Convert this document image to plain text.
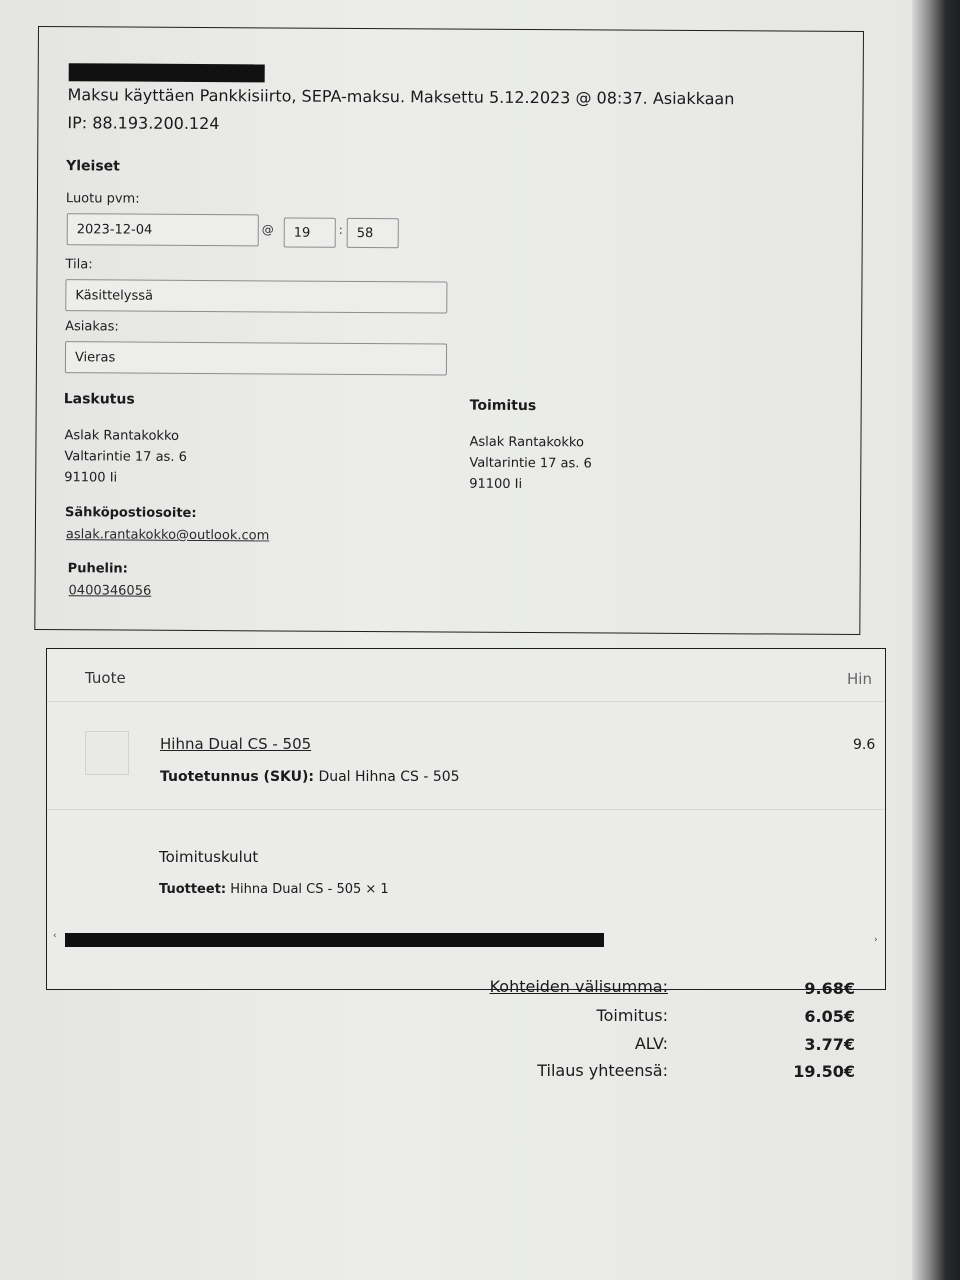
Maksu käyttäen Pankkisiirto, SEPA-maksu. Maksettu 5.12.2023 @ 08:37. Asiakkaan
IP: 88.193.200.124
Yleiset
Luotu pvm:
2023-12-04	@ 19 : 58
Tila:
Käsittelyssä
Asiakas:
Vieras
Laskutus
Aslak Rantakokko
Valtarintie 17 as. 6
91100 Ii
Toimitus
Aslak Rantakokko
Valtarintie 17 as. 6
91100 Ii
Sähköpostiosoite:
aslak.rantakokko@outlook.com
Puhelin:
0400346056
Tuote	Hin
Hihna Dual CS - 505
Tuotetunnus (SKU): Dual Hihna CS - 505
9.6
Toimituskulut
Tuotteet: Hihna Dual CS - 505 × 1
‹	›
Kohteiden välisumma:	9.68€
Toimitus:	6.05€
ALV:	3.77€
Tilaus yhteensä:	19.50€
